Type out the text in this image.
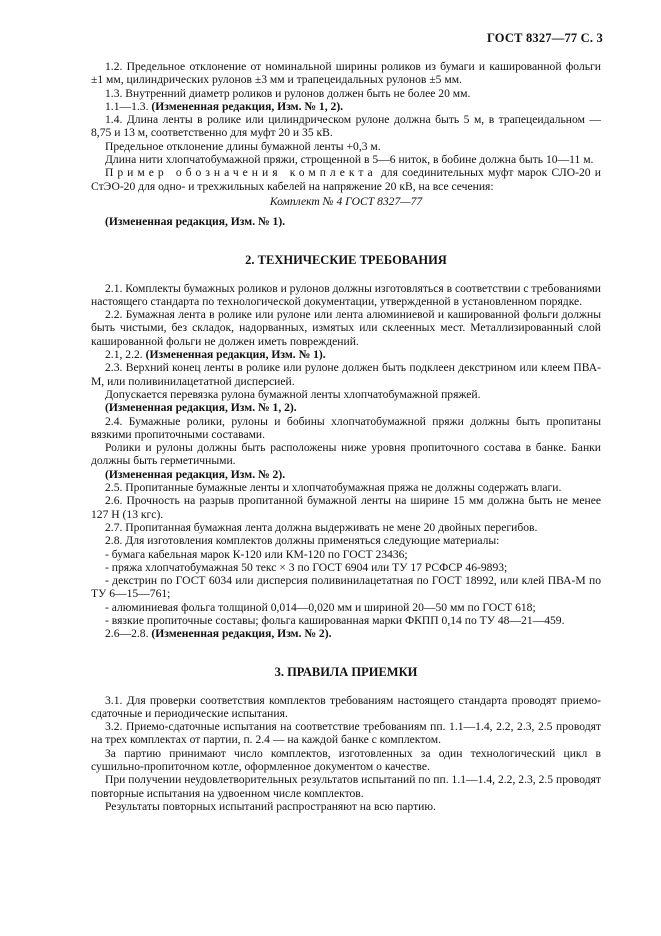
ГОСТ 8327—77 С. 3

1.2. Предельное отклонение от номинальной ширины роликов из бумаги и кашированной фольги ±1 мм, цилиндрических рулонов ±3 мм и трапецеидальных рулонов ±5 мм.

1.3. Внутренний диаметр роликов и рулонов должен быть не более 20 мм.

1.1—1.3. (Измененная редакция, Изм. № 1, 2).

1.4. Длина ленты в ролике или цилиндрическом рулоне должна быть 5 м, в трапецеидальном — 8,75 и 13 м, соответственно для муфт 20 и 35 кВ.

Предельное отклонение длины бумажной ленты +0,3 м.

Длина нити хлопчатобумажной пряжи, строщенной в 5—6 ниток, в бобине должна быть 10—11 м.

Пример обозначения комплекта для соединительных муфт марок СЛО-20 и СтЭО-20 для одно- и трехжильных кабелей на напряжение 20 кВ, на все сечения:

Комплект № 4 ГОСТ 8327—77

(Измененная редакция, Изм. № 1).

2. ТЕХНИЧЕСКИЕ ТРЕБОВАНИЯ

2.1. Комплекты бумажных роликов и рулонов должны изготовляться в соответствии с требованиями настоящего стандарта по технологической документации, утвержденной в установленном порядке.

2.2. Бумажная лента в ролике или рулоне или лента алюминиевой и кашированной фольги должны быть чистыми, без складок, надорванных, измятых или склеенных мест. Металлизированный слой кашированной фольги не должен иметь повреждений.

2.1, 2.2. (Измененная редакция, Изм. № 1).

2.3. Верхний конец ленты в ролике или рулоне должен быть подклеен декстрином или клеем ПВА-М, или поливинилацетатной дисперсией.

Допускается перевязка рулона бумажной ленты хлопчатобумажной пряжей.

(Измененная редакция, Изм. № 1, 2).

2.4. Бумажные ролики, рулоны и бобины хлопчатобумажной пряжи должны быть пропитаны вязкими пропиточными составами.

Ролики и рулоны должны быть расположены ниже уровня пропиточного состава в банке. Банки должны быть герметичными.

(Измененная редакция, Изм. № 2).

2.5. Пропитанные бумажные ленты и хлопчатобумажная пряжа не должны содержать влаги.

2.6. Прочность на разрыв пропитанной бумажной ленты на ширине 15 мм должна быть не менее 127 Н (13 кгс).

2.7. Пропитанная бумажная лента должна выдерживать не мене 20 двойных перегибов.

2.8. Для изготовления комплектов должны применяться следующие материалы:

- бумага кабельная марок К-120 или КМ-120 по ГОСТ 23436;

- пряжа хлопчатобумажная 50 текс × 3 по ГОСТ 6904 или ТУ 17 РСФСР 46-9893;

- декстрин по ГОСТ 6034 или дисперсия поливинилацетатная по ГОСТ 18992, или клей ПВА-М по ТУ 6—15—761;

- алюминиевая фольга толщиной 0,014—0,020 мм и шириной 20—50 мм по ГОСТ 618;

- вязкие пропиточные составы; фольга кашированная марки ФКПП 0,14 по ТУ 48—21—459.

2.6—2.8. (Измененная редакция, Изм. № 2).

3. ПРАВИЛА ПРИЕМКИ

3.1. Для проверки соответствия комплектов требованиям настоящего стандарта проводят приемо-сдаточные и периодические испытания.

3.2. Приемо-сдаточные испытания на соответствие требованиям пп. 1.1—1.4, 2.2, 2.3, 2.5 проводят на трех комплектах от партии, п. 2.4 — на каждой банке с комплектом.

За партию принимают число комплектов, изготовленных за один технологический цикл в сушильно-пропиточном котле, оформленное документом о качестве.

При получении неудовлетворительных результатов испытаний по пп. 1.1—1.4, 2.2, 2.3, 2.5 проводят повторные испытания на удвоенном числе комплектов.

Результаты повторных испытаний распространяют на всю партию.
